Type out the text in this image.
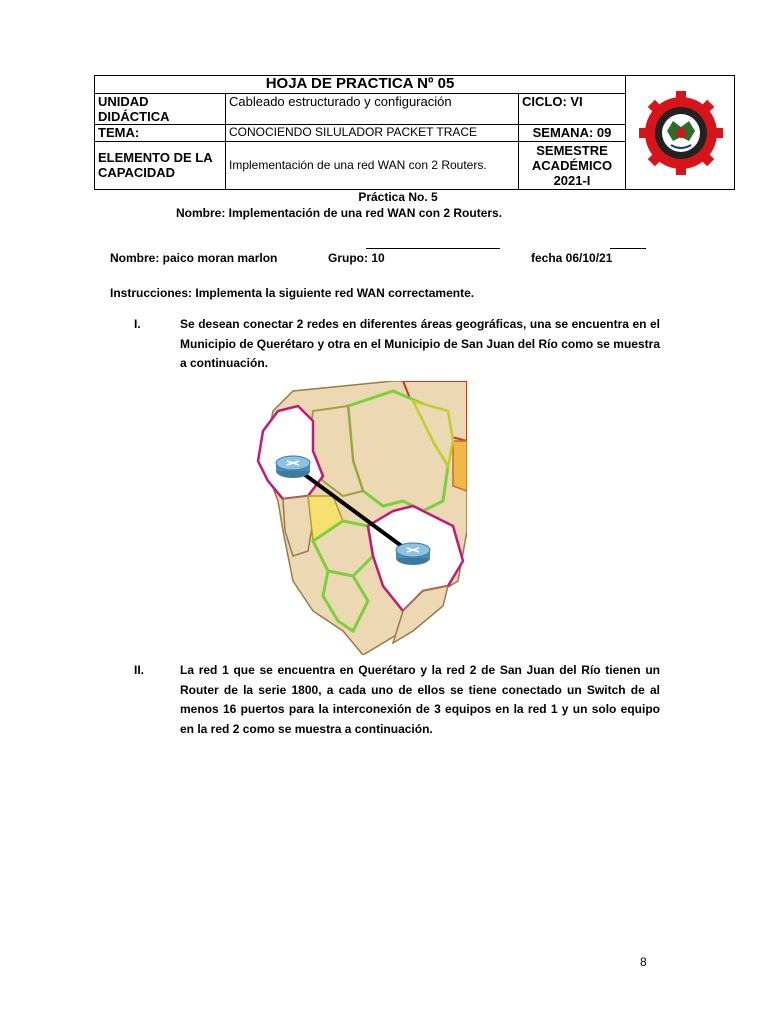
HOJA DE PRACTICA Nº 05	
UNIDAD DIDÁCTICA	Cableado estructurado y configuración	CICLO: VI	
TEMA:	CONOCIENDO SILULADOR PACKET TRACE	SEMANA: 09	
ELEMENTO DE LA CAPACIDAD	Implementación de una red WAN con 2 Routers.	SEMESTRE ACADÉMICO 2021-I	
Práctica No. 5
Nombre: Implementación de una red WAN con 2 Routers.
Nombre: paico moran marlon	Grupo: 10	fecha 06/10/21
Instrucciones: Implementa la siguiente red WAN correctamente.
I.	Se desean conectar 2 redes en diferentes áreas geográficas, una se encuentra en el Municipio de Querétaro y otra en el Municipio de San Juan del Río como se muestra a continuación.
II.	La red 1 que se encuentra en Querétaro y la red 2 de San Juan del Río tienen un Router de la serie 1800, a cada uno de ellos se tiene conectado un Switch de al menos 16 puertos para la interconexión de 3 equipos en la red 1 y un solo equipo en la red 2 como se muestra a continuación.
8
